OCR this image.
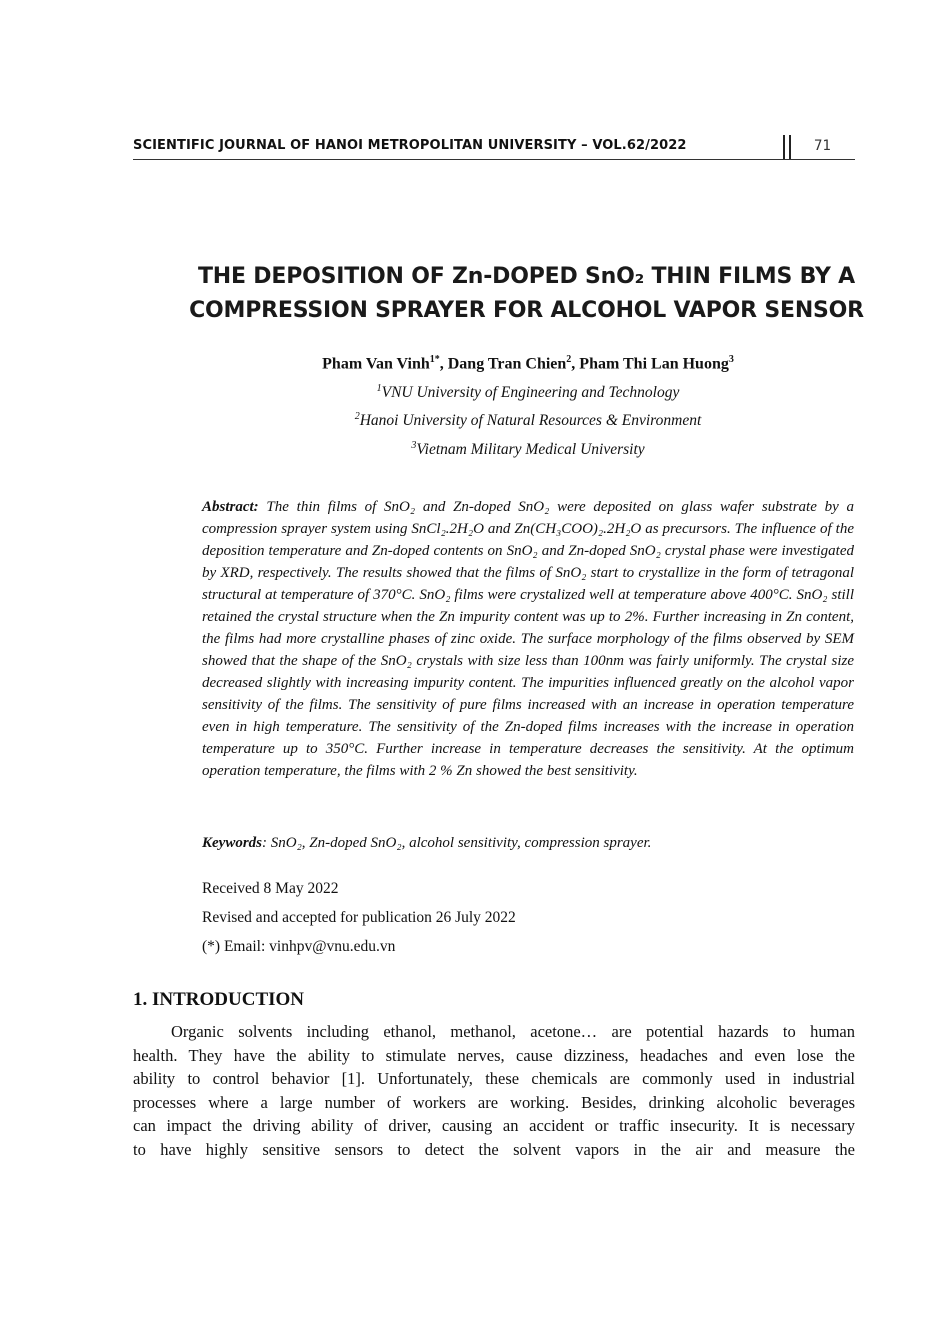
SCIENTIFIC JOURNAL OF HANOI METROPOLITAN UNIVERSITY – VOL.62/2022	71
THE DEPOSITION OF Zn-DOPED SnO₂ THIN FILMS BY A
COMPRESSION SPRAYER FOR ALCOHOL VAPOR SENSOR
Pham Van Vinh$^{1*}$, Dang Tran Chien$^2$, Pham Thi Lan Huong$^3$
$^1$VNU University of Engineering and Technology
$^2$Hanoi University of Natural Resources & Environment
$^3$Vietnam Military Medical University
Abstract: The thin films of SnO₂ and Zn-doped SnO₂ were deposited on glass wafer substrate by a compression sprayer system using SnCl₂.2H₂O and Zn(CH₃COO)₂.2H₂O as precursors. The influence of the deposition temperature and Zn-doped contents on SnO₂ and Zn-doped SnO₂ crystal phase were investigated by XRD, respectively. The results showed that the films of SnO₂ start to crystallize in the form of tetragonal structural at temperature of 370°C. SnO₂ films were crystalized well at temperature above 400°C. SnO₂ still retained the crystal structure when the Zn impurity content was up to 2%. Further increasing in Zn content, the films had more crystalline phases of zinc oxide. The surface morphology of the films observed by SEM showed that the shape of the SnO₂ crystals with size less than 100nm was fairly uniformly. The crystal size decreased slightly with increasing impurity content. The impurities influenced greatly on the alcohol vapor sensitivity of the films. The sensitivity of pure films increased with an increase in operation temperature even in high temperature. The sensitivity of the Zn-doped films increases with the increase in operation temperature up to 350°C. Further increase in temperature decreases the sensitivity. At the optimum operation temperature, the films with 2 % Zn showed the best sensitivity.
Keywords: SnO₂, Zn-doped SnO₂, alcohol sensitivity, compression sprayer.
Received 8 May 2022
Revised and accepted for publication 26 July 2022
(*) Email: vinhpv@vnu.edu.vn
1. INTRODUCTION
Organic solvents including ethanol, methanol, acetone… are potential hazards to human
health. They have the ability to stimulate nerves, cause dizziness, headaches and even lose the
ability to control behavior [1]. Unfortunately, these chemicals are commonly used in industrial
processes where a large number of workers are working. Besides, drinking alcoholic beverages
can impact the driving ability of driver, causing an accident or traffic insecurity. It is necessary
to have highly sensitive sensors to detect the solvent vapors in the air and measure the
